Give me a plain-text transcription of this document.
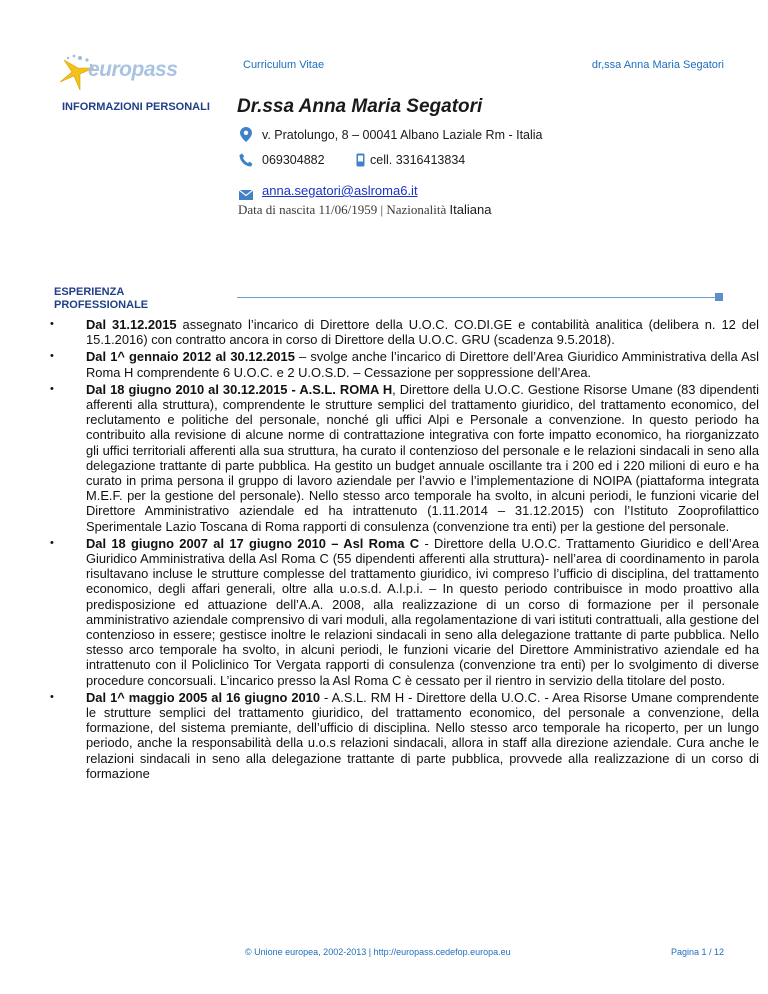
europass	Curriculum Vitae	dr,ssa Anna Maria Segatori
INFORMAZIONI PERSONALI Dr.ssa Anna Maria Segatori
v. Pratolungo, 8 – 00041 Albano Laziale Rm - Italia
069304882	cell. 3316413834
anna.segatori@aslroma6.it
Data di nascita 11/06/1959 | Nazionalità Italiana
ESPERIENZA
PROFESSIONALE
• Dal 31.12.2015 assegnato l’incarico di Direttore della U.O.C. CO.DI.GE e contabilità analitica (delibera n. 12 del 15.1.2016) con contratto ancora in corso di Direttore della U.O.C. GRU (scadenza 9.5.2018).
• Dal 1^ gennaio 2012 al 30.12.2015 – svolge anche l’incarico di Direttore dell’Area Giuridico Amministrativa della Asl Roma H comprendente 6 U.O.C. e 2 U.O.S.D. – Cessazione per soppressione dell’Area.
• Dal 18 giugno 2010 al 30.12.2015 - A.S.L. ROMA H, Direttore della U.O.C. Gestione Risorse Umane (83 dipendenti afferenti alla struttura), comprendente le strutture semplici del trattamento giuridico, del trattamento economico, del reclutamento e politiche del personale, nonché gli uffici Alpi e Personale a convenzione. In questo periodo ha contribuito alla revisione di alcune norme di contrattazione integrativa con forte impatto economico, ha riorganizzato gli uffici territoriali afferenti alla sua struttura, ha curato il contenzioso del personale e le relazioni sindacali in seno alla delegazione trattante di parte pubblica. Ha gestito un budget annuale oscillante tra i 200 ed i 220 milioni di euro e ha curato in prima persona il gruppo di lavoro aziendale per l’avvio e l’implementazione di NOIPA (piattaforma integrata M.E.F. per la gestione del personale). Nello stesso arco temporale ha svolto, in alcuni periodi, le funzioni vicarie del Direttore Amministrativo aziendale ed ha intrattenuto (1.11.2014 – 31.12.2015) con l’Istituto Zooprofilattico Sperimentale Lazio Toscana di Roma rapporti di consulenza (convenzione tra enti) per la gestione del personale.
• Dal 18 giugno 2007 al 17 giugno 2010 – Asl Roma C - Direttore della U.O.C. Trattamento Giuridico e dell’Area Giuridico Amministrativa della Asl Roma C (55 dipendenti afferenti alla struttura)- nell’area di coordinamento in parola risultavano incluse le strutture complesse del trattamento giuridico, ivi compreso l’ufficio di disciplina, del trattamento economico, degli affari generali, oltre alla u.o.s.d. A.l.p.i. – In questo periodo contribuisce in modo proattivo alla predisposizione ed attuazione dell’A.A. 2008, alla realizzazione di un corso di formazione per il personale amministrativo aziendale comprensivo di vari moduli, alla regolamentazione di vari istituti contrattuali, alla gestione del contenzioso in essere; gestisce inoltre le relazioni sindacali in seno alla delegazione trattante di parte pubblica. Nello stesso arco temporale ha svolto, in alcuni periodi, le funzioni vicarie del Direttore Amministrativo aziendale ed ha intrattenuto con il Policlinico Tor Vergata rapporti di consulenza (convenzione tra enti) per lo svolgimento di diverse procedure concorsuali. L’incarico presso la Asl Roma C è cessato per il rientro in servizio della titolare del posto.
• Dal 1^ maggio 2005 al 16 giugno 2010 - A.S.L. RM H - Direttore della U.O.C. - Area Risorse Umane comprendente le strutture semplici del trattamento giuridico, del trattamento economico, del personale a convenzione, della formazione, del sistema premiante, dell’ufficio di disciplina. Nello stesso arco temporale ha ricoperto, per un lungo periodo, anche la responsabilità della u.o.s relazioni sindacali, allora in staff alla direzione aziendale. Cura anche le relazioni sindacali in seno alla delegazione trattante di parte pubblica, provvede alla realizzazione di un corso di formazione
© Unione europea, 2002-2013 | http://europass.cedefop.europa.eu	Pagina 1 / 12
